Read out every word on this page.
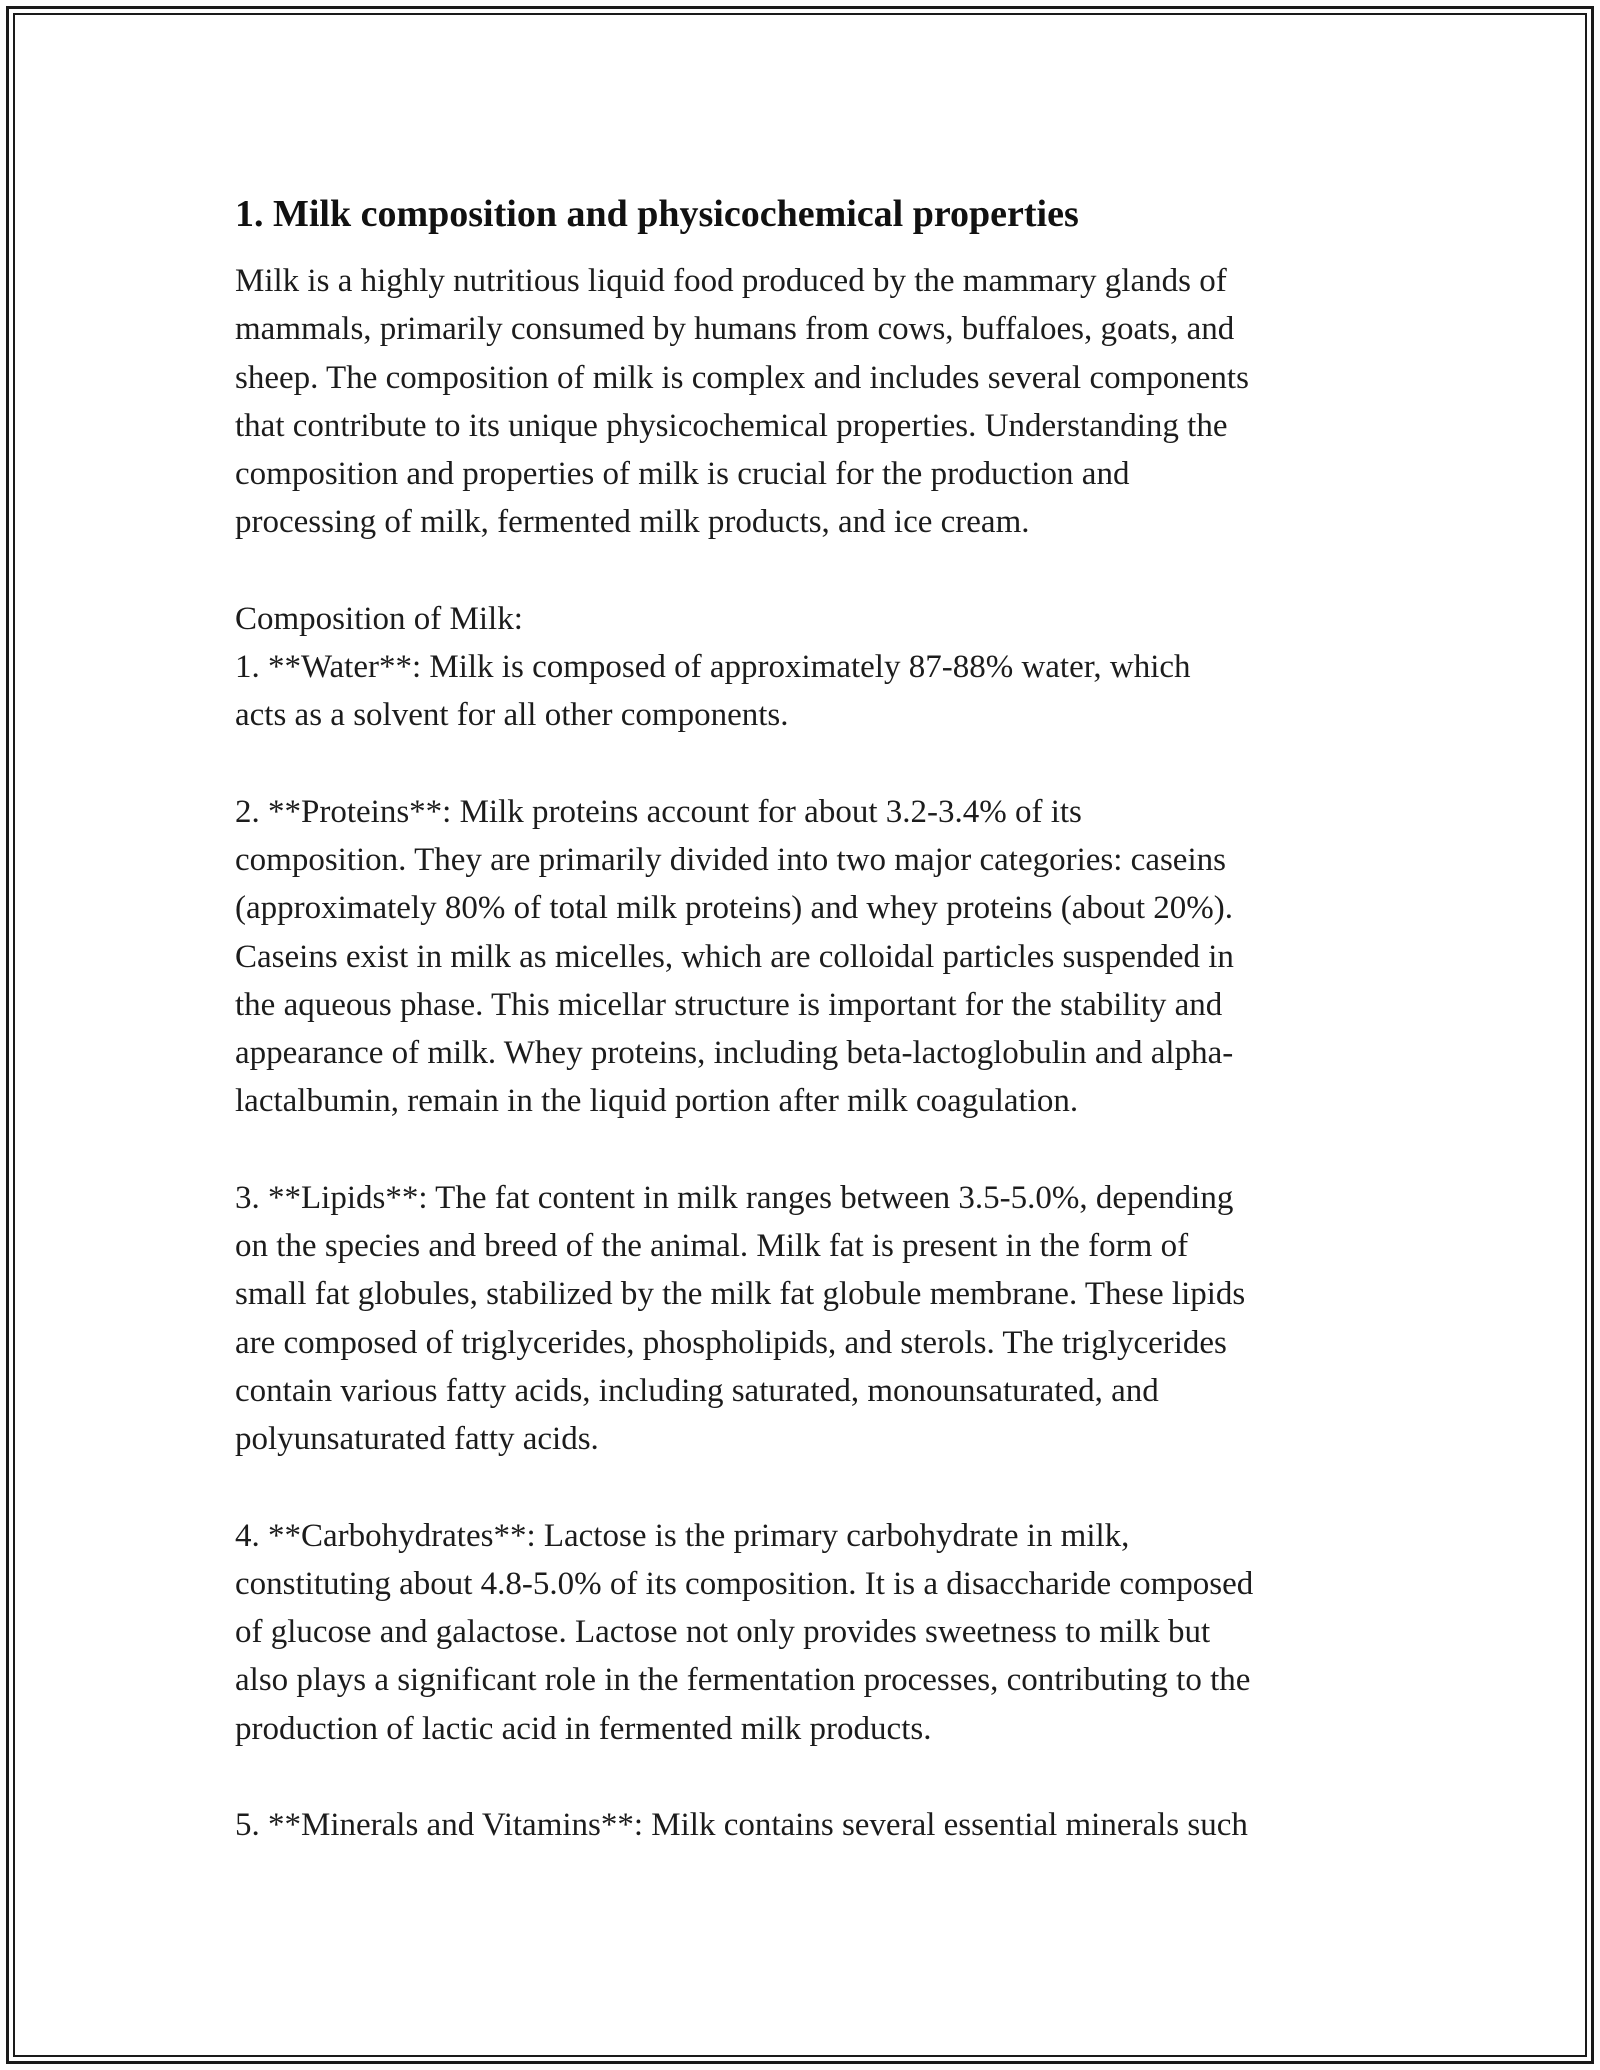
1. Milk composition and physicochemical properties

Milk is a highly nutritious liquid food produced by the mammary glands of
mammals, primarily consumed by humans from cows, buffaloes, goats, and
sheep. The composition of milk is complex and includes several components
that contribute to its unique physicochemical properties. Understanding the
composition and properties of milk is crucial for the production and
processing of milk, fermented milk products, and ice cream.

Composition of Milk:

1. **Water**: Milk is composed of approximately 87-88% water, which
acts as a solvent for all other components.

2. **Proteins**: Milk proteins account for about 3.2-3.4% of its
composition. They are primarily divided into two major categories: caseins
(approximately 80% of total milk proteins) and whey proteins (about 20%).
Caseins exist in milk as micelles, which are colloidal particles suspended in
the aqueous phase. This micellar structure is important for the stability and
appearance of milk. Whey proteins, including beta-lactoglobulin and alpha-
lactalbumin, remain in the liquid portion after milk coagulation.

3. **Lipids**: The fat content in milk ranges between 3.5-5.0%, depending
on the species and breed of the animal. Milk fat is present in the form of
small fat globules, stabilized by the milk fat globule membrane. These lipids
are composed of triglycerides, phospholipids, and sterols. The triglycerides
contain various fatty acids, including saturated, monounsaturated, and
polyunsaturated fatty acids.

4. **Carbohydrates**: Lactose is the primary carbohydrate in milk,
constituting about 4.8-5.0% of its composition. It is a disaccharide composed
of glucose and galactose. Lactose not only provides sweetness to milk but
also plays a significant role in the fermentation processes, contributing to the
production of lactic acid in fermented milk products.

5. **Minerals and Vitamins**: Milk contains several essential minerals such
